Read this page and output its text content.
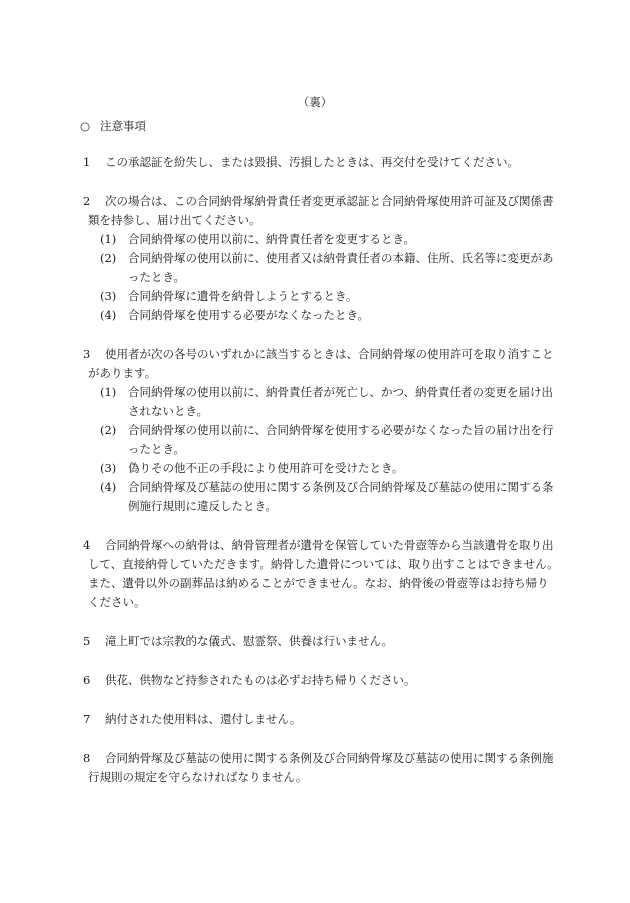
（裏）
○ 注意事項

1 この承認証を紛失し、または毀損、汚損したときは、再交付を受けてください。

2 次の場合は、この合同納骨塚納骨責任者変更承認証と合同納骨塚使用許可証及び関係書類を持参し、届け出てください。

(1)	合同納骨塚の使用以前に、納骨責任者を変更するとき。
(2)	合同納骨塚の使用以前に、使用者又は納骨責任者の本籍、住所、氏名等に変更があったとき。
(3)	合同納骨塚に遺骨を納骨しようとするとき。
(4)	合同納骨塚を使用する必要がなくなったとき。

3 使用者が次の各号のいずれかに該当するときは、合同納骨塚の使用許可を取り消すことがあります。

(1)	合同納骨塚の使用以前に、納骨責任者が死亡し、かつ、納骨責任者の変更を届け出されないとき。
(2)	合同納骨塚の使用以前に、合同納骨塚を使用する必要がなくなった旨の届け出を行ったとき。
(3)	偽りその他不正の手段により使用許可を受けたとき。
(4)	合同納骨塚及び墓誌の使用に関する条例及び合同納骨塚及び墓誌の使用に関する条例施行規則に違反したとき。

4 合同納骨塚への納骨は、納骨管理者が遺骨を保管していた骨壺等から当該遺骨を取り出して、直接納骨していただきます。納骨した遺骨については、取り出すことはできません。また、遺骨以外の副葬品は納めることができません。なお、納骨後の骨壺等はお持ち帰りください。

5 滝上町では宗教的な儀式、慰霊祭、供養は行いません。

6 供花、供物など持参されたものは必ずお持ち帰りください。

7 納付された使用料は、還付しません。

8 合同納骨塚及び墓誌の使用に関する条例及び合同納骨塚及び墓誌の使用に関する条例施行規則の規定を守らなければなりません。
